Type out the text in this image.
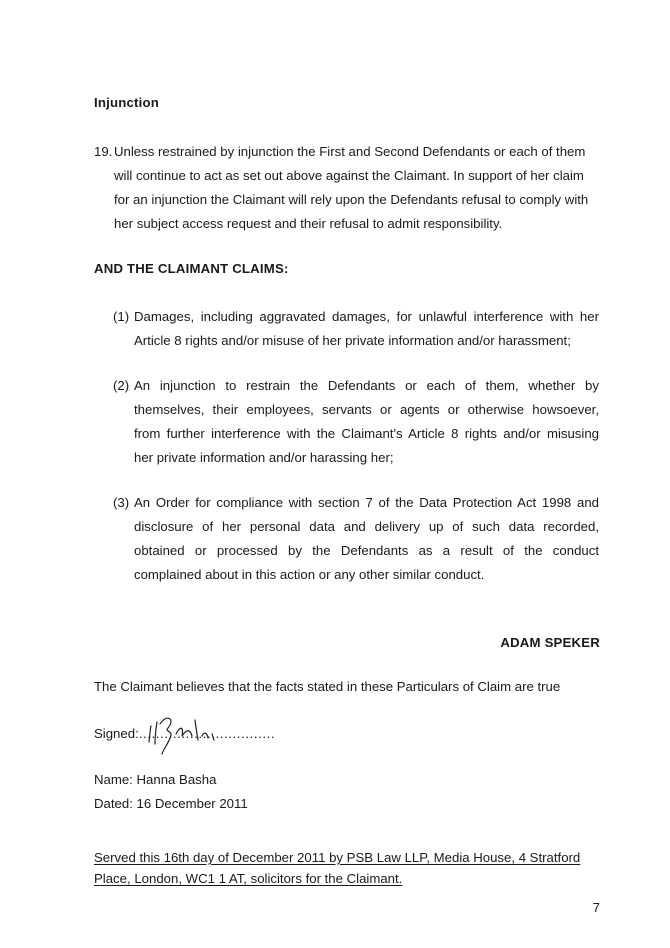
Injunction
19. Unless restrained by injunction the First and Second Defendants or each of them
will continue to act as set out above against the Claimant. In support of her claim
for an injunction the Claimant will rely upon the Defendants refusal to comply with
her subject access request and their refusal to admit responsibility.
AND THE CLAIMANT CLAIMS:
(1) Damages, including aggravated damages, for unlawful interference with her
Article 8 rights and/or misuse of her private information and/or harassment;
(2) An injunction to restrain the Defendants or each of them, whether by
themselves, their employees, servants or agents or otherwise howsoever,
from further interference with the Claimant's Article 8 rights and/or misusing
her private information and/or harassing her;
(3) An Order for compliance with section 7 of the Data Protection Act 1998 and
disclosure of her personal data and delivery up of such data recorded,
obtained or processed by the Defendants as a result of the conduct
complained about in this action or any other similar conduct.
ADAM SPEKER
The Claimant believes that the facts stated in these Particulars of Claim are true
Signed:................................
Name: Hanna Basha
Dated: 16 December 2011
Served this 16th day of December 2011 by PSB Law LLP, Media House, 4 Stratford
Place, London, WC1 1 AT, solicitors for the Claimant.
7
